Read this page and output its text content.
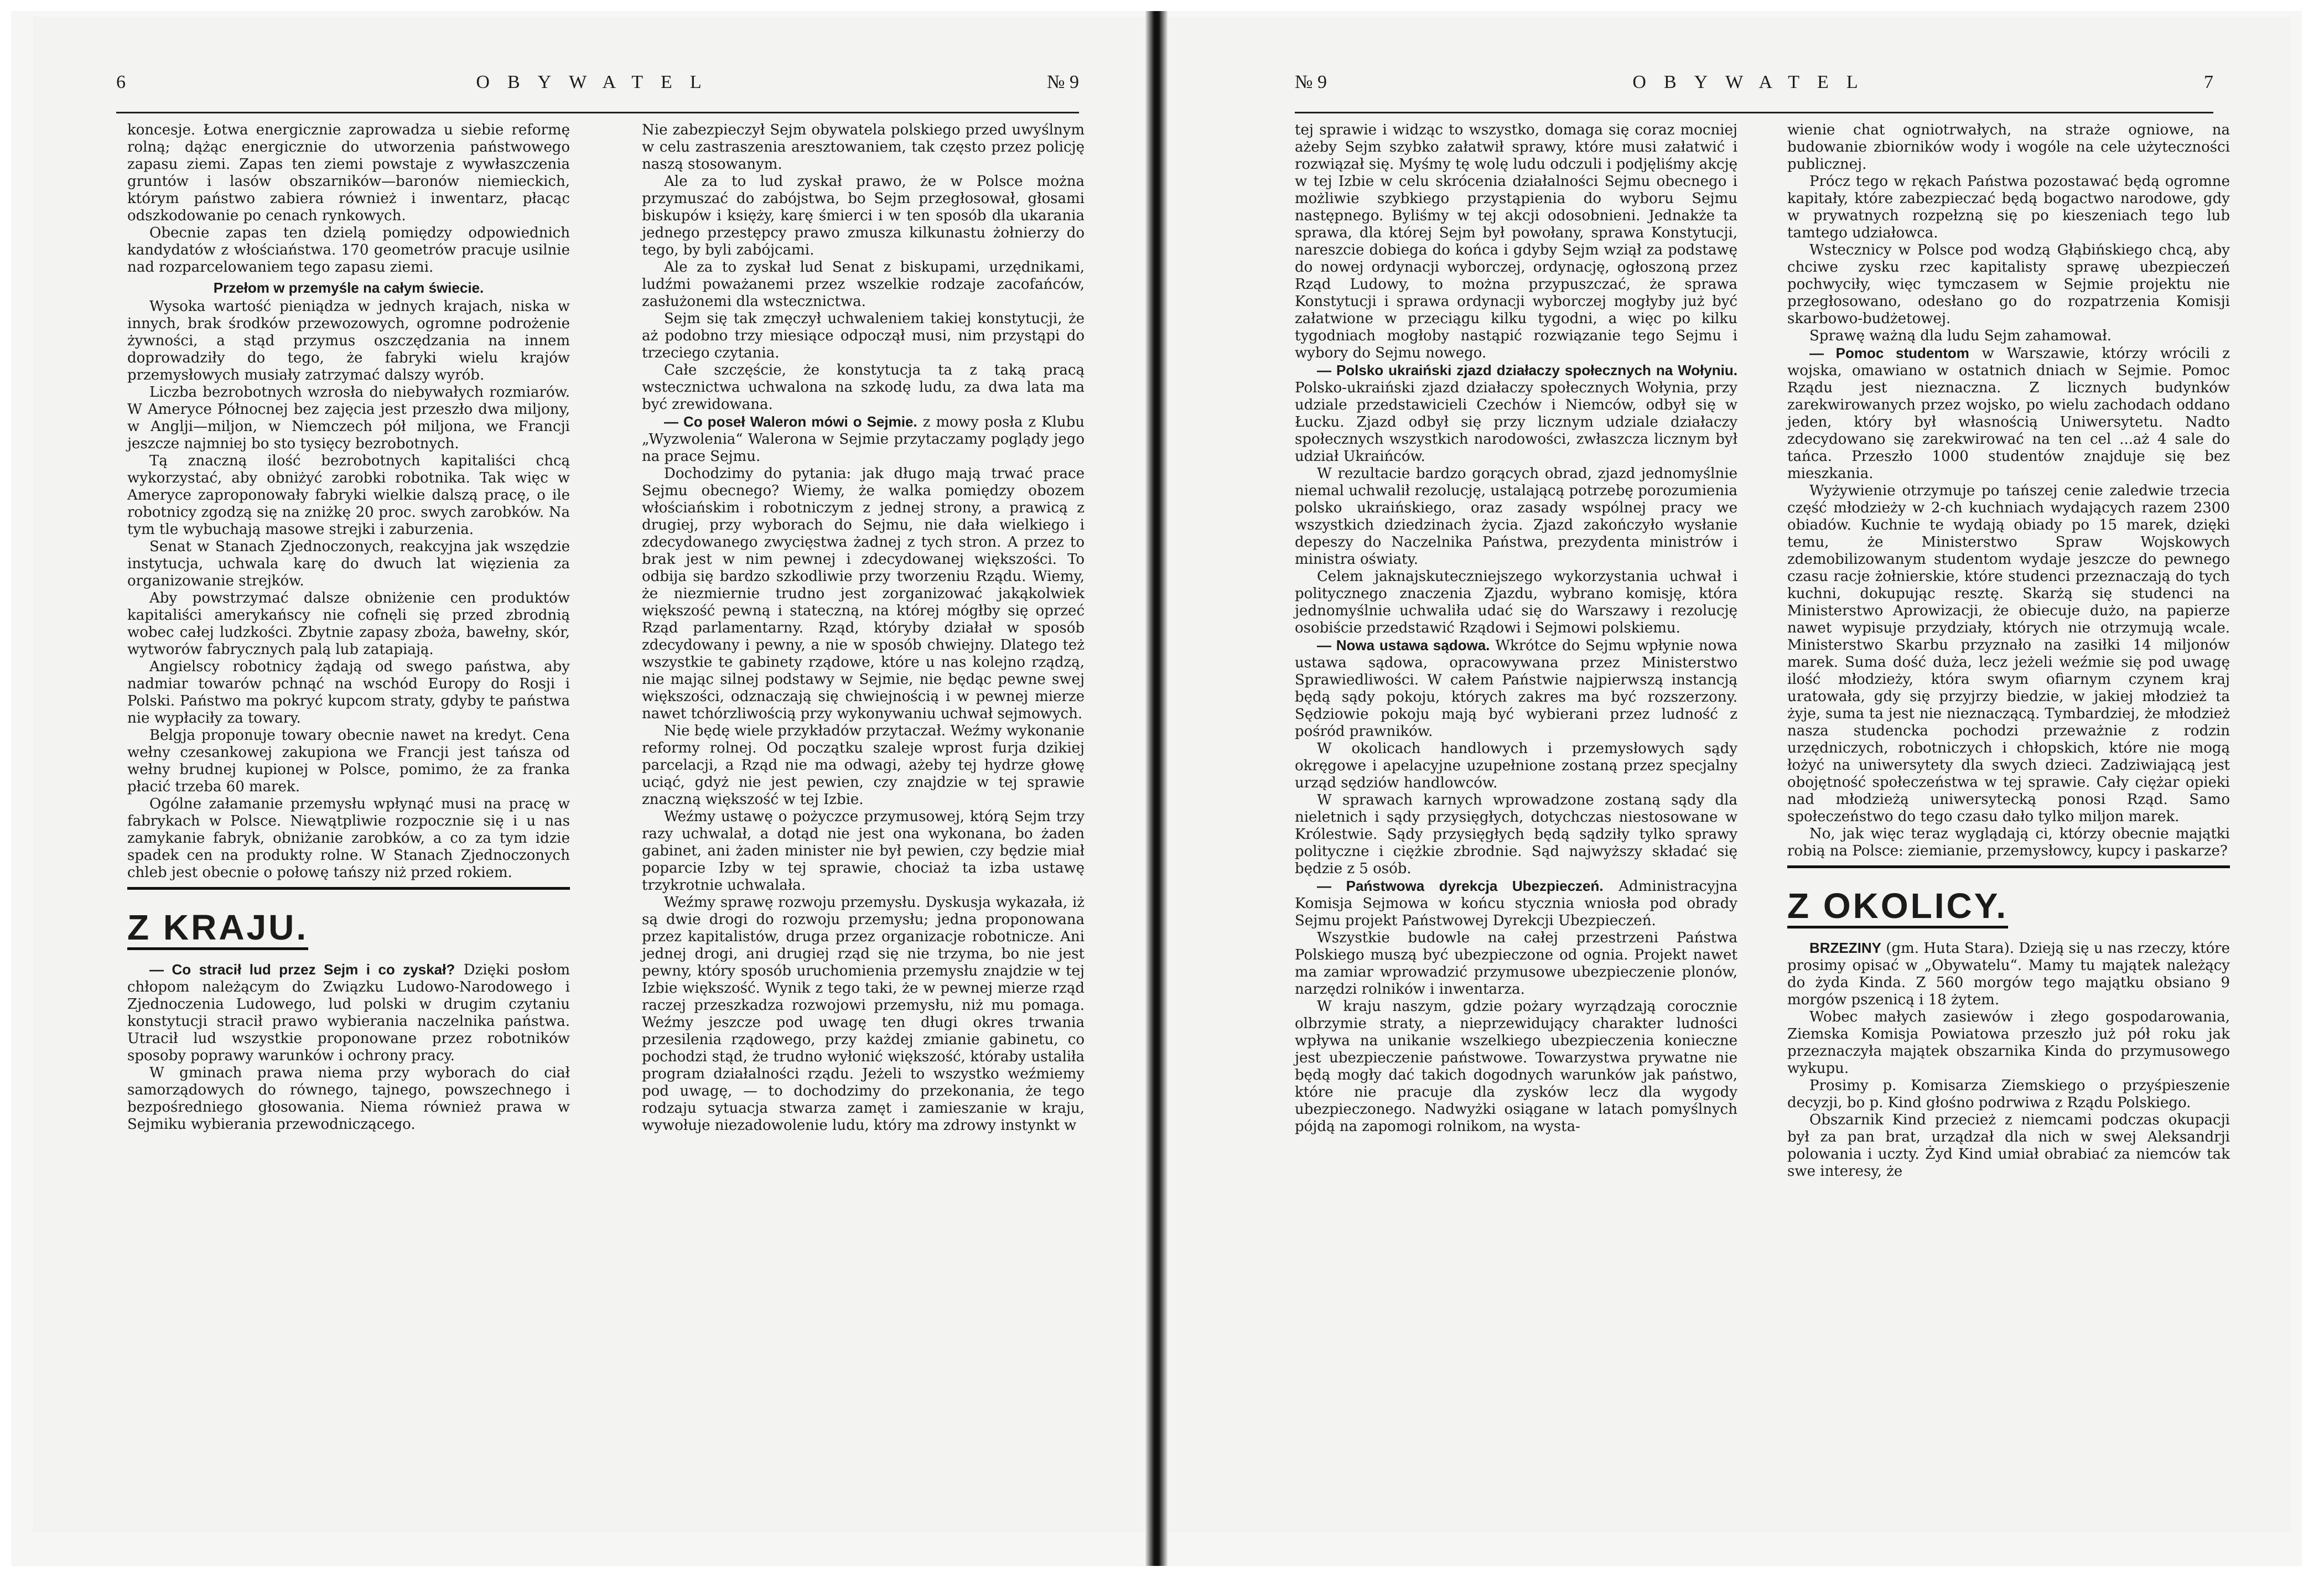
OBYWATEL
6	№ 9

koncesje. Łotwa energicznie zaprowadza u siebie reformę rolną; dążąc energicznie do utworzenia państwowego zapasu ziemi. Zapas ten ziemi powstaje z wywłaszczenia gruntów i lasów obszarników—baronów niemieckich, którym państwo zabiera również i inwentarz, płacąc odszkodowanie po cenach rynkowych.

Obecnie zapas ten dzielą pomiędzy odpowiednich kandydatów z włościaństwa. 170 geometrów pracuje usilnie nad rozparcelowaniem tego zapasu ziemi.

Przełom w przemyśle na całym świecie.

Wysoka wartość pieniądza w jednych krajach, niska w innych, brak środków przewozowych, ogromne podrożenie żywności, a stąd przymus oszczędzania na innem doprowadziły do tego, że fabryki wielu krajów przemysłowych musiały zatrzymać dalszy wyrób.

Liczba bezrobotnych wzrosła do niebywałych rozmiarów. W Ameryce Północnej bez zajęcia jest przeszło dwa miljony, w Anglji—miljon, w Niemczech pół miljona, we Francji jeszcze najmniej bo sto tysięcy bezrobotnych.

Tą znaczną ilość bezrobotnych kapitaliści chcą wykorzystać, aby obniżyć zarobki robotnika. Tak więc w Ameryce zaproponowały fabryki wielkie dalszą pracę, o ile robotnicy zgodzą się na zniżkę 20 proc. swych zarobków. Na tym tle wybuchają masowe strejki i zaburzenia.

Senat w Stanach Zjednoczonych, reakcyjna jak wszędzie instytucja, uchwala karę do dwuch lat więzienia za organizowanie strejków.

Aby powstrzymać dalsze obniżenie cen produktów kapitaliści amerykańscy nie cofnęli się przed zbrodnią wobec całej ludzkości. Zbytnie zapasy zboża, bawełny, skór, wytworów fabrycznych palą lub zatapiają.

Angielscy robotnicy żądają od swego państwa, aby nadmiar towarów pchnąć na wschód Europy do Rosji i Polski. Państwo ma pokryć kupcom straty, gdyby te państwa nie wypłaciły za towary.

Belgja proponuje towary obecnie nawet na kredyt. Cena wełny czesankowej zakupiona we Francji jest tańsza od wełny brudnej kupionej w Polsce, pomimo, że za franka płacić trzeba 60 marek.

Ogólne załamanie przemysłu wpłynąć musi na pracę w fabrykach w Polsce. Niewątpliwie rozpocznie się i u nas zamykanie fabryk, obniżanie zarobków, a co za tym idzie spadek cen na produkty rolne. W Stanach Zjednoczonych chleb jest obecnie o połowę tańszy niż przed rokiem.

Z KRAJU.

— Co stracił lud przez Sejm i co zyskał? Dzięki posłom chłopom należącym do Związku Ludowo-Narodowego i Zjednoczenia Ludowego, lud polski w drugim czytaniu konstytucji stracił prawo wybierania naczelnika państwa. Utracił lud wszystkie proponowane przez robotników sposoby poprawy warunków i ochrony pracy.

W gminach prawa niema przy wyborach do ciał samorządowych do równego, tajnego, powszechnego i bezpośredniego głosowania. Niema również prawa w Sejmiku wybierania przewodniczącego.

Nie zabezpieczył Sejm obywatela polskiego przed uwyślnym w celu zastraszenia aresztowaniem, tak często przez policję naszą stosowanym.

Ale za to lud zyskał prawo, że w Polsce można przymuszać do zabójstwa, bo Sejm przegłosował, głosami biskupów i księży, karę śmierci i w ten sposób dla ukarania jednego przestępcy prawo zmusza kilkunastu żołnierzy do tego, by byli zabójcami.

Ale za to zyskał lud Senat z biskupami, urzędnikami, ludźmi poważanemi przez wszelkie rodzaje zacofańców, zasłużonemi dla wstecznictwa.

Sejm się tak zmęczył uchwaleniem takiej konstytucji, że aż podobno trzy miesiące odpoczął musi, nim przystąpi do trzeciego czytania.

Całe szczęście, że konstytucja ta z taką pracą wstecznictwa uchwalona na szkodę ludu, za dwa lata ma być zrewidowana.

— Co poseł Waleron mówi o Sejmie. z mowy posła z Klubu „Wyzwolenia“ Walerona w Sejmie przytaczamy poglądy jego na prace Sejmu.

Dochodzimy do pytania: jak długo mają trwać prace Sejmu obecnego? Wiemy, że walka pomiędzy obozem włościańskim i robotniczym z jednej strony, a prawicą z drugiej, przy wyborach do Sejmu, nie dała wielkiego i zdecydowanego zwycięstwa żadnej z tych stron. A przez to brak jest w nim pewnej i zdecydowanej większości. To odbija się bardzo szkodliwie przy tworzeniu Rządu. Wiemy, że niezmiernie trudno jest zorganizować jakąkolwiek większość pewną i stateczną, na której mógłby się oprzeć Rząd parlamentarny. Rząd, któryby działał w sposób zdecydowany i pewny, a nie w sposób chwiejny. Dlatego też wszystkie te gabinety rządowe, które u nas kolejno rządzą, nie mając silnej podstawy w Sejmie, nie będąc pewne swej większości, odznaczają się chwiejnością i w pewnej mierze nawet tchórzliwością przy wykonywaniu uchwał sejmowych.

Nie będę wiele przykładów przytaczał. Weźmy wykonanie reformy rolnej. Od początku szaleje wprost furja dzikiej parcelacji, a Rząd nie ma odwagi, ażeby tej hydrze głowę uciąć, gdyż nie jest pewien, czy znajdzie w tej sprawie znaczną większość w tej Izbie.

Weźmy ustawę o pożyczce przymusowej, którą Sejm trzy razy uchwalał, a dotąd nie jest ona wykonana, bo żaden gabinet, ani żaden minister nie był pewien, czy będzie miał poparcie Izby w tej sprawie, chociaż ta izba ustawę trzykrotnie uchwalała.

Weźmy sprawę rozwoju przemysłu. Dyskusja wykazała, iż są dwie drogi do rozwoju przemysłu; jedna proponowana przez kapitalistów, druga przez organizacje robotnicze. Ani jednej drogi, ani drugiej rząd się nie trzyma, bo nie jest pewny, który sposób uruchomienia przemysłu znajdzie w tej Izbie większość. Wynik z tego taki, że w pewnej mierze rząd raczej przeszkadza rozwojowi przemysłu, niż mu pomaga. Weźmy jeszcze pod uwagę ten długi okres trwania przesilenia rządowego, przy każdej zmianie gabinetu, co pochodzi stąd, że trudno wyłonić większość, któraby ustaliła program działalności rządu. Jeżeli to wszystko weźmiemy pod uwagę, — to dochodzimy do przekonania, że tego rodzaju sytuacja stwarza zamęt i zamieszanie w kraju, wywołuje niezadowolenie ludu, który ma zdrowy instynkt w

OBYWATEL
№ 9	7

tej sprawie i widząc to wszystko, domaga się coraz mocniej ażeby Sejm szybko załatwił sprawy, które musi załatwić i rozwiązał się. Myśmy tę wolę ludu odczuli i podjęliśmy akcję w tej Izbie w celu skrócenia działalności Sejmu obecnego i możliwie szybkiego przystąpienia do wyboru Sejmu następnego. Byliśmy w tej akcji odosobnieni. Jednakże ta sprawa, dla której Sejm był powołany, sprawa Konstytucji, nareszcie dobiega do końca i gdyby Sejm wziął za podstawę do nowej ordynacji wyborczej, ordynację, ogłoszoną przez Rząd Ludowy, to można przypuszczać, że sprawa Konstytucji i sprawa ordynacji wyborczej mogłyby już być załatwione w przeciągu kilku tygodni, a więc po kilku tygodniach mogłoby nastąpić rozwiązanie tego Sejmu i wybory do Sejmu nowego.

— Polsko ukraiński zjazd działaczy społecznych na Wołyniu. Polsko-ukraiński zjazd działaczy społecznych Wołynia, przy udziale przedstawicieli Czechów i Niemców, odbył się w Łucku. Zjazd odbył się przy licznym udziale działaczy społecznych wszystkich narodowości, zwłaszcza licznym był udział Ukraińców.

W rezultacie bardzo gorących obrad, zjazd jednomyślnie niemal uchwalił rezolucję, ustalającą potrzebę porozumienia polsko ukraińskiego, oraz zasady wspólnej pracy we wszystkich dziedzinach życia. Zjazd zakończyło wysłanie depeszy do Naczelnika Państwa, prezydenta ministrów i ministra oświaty.

Celem jaknajskuteczniejszego wykorzystania uchwał i politycznego znaczenia Zjazdu, wybrano komisję, która jednomyślnie uchwaliła udać się do Warszawy i rezolucję osobiście przedstawić Rządowi i Sejmowi polskiemu.

— Nowa ustawa sądowa. Wkrótce do Sejmu wpłynie nowa ustawa sądowa, opracowywana przez Ministerstwo Sprawiedliwości. W całem Państwie najpierwszą instancją będą sądy pokoju, których zakres ma być rozszerzony. Sędziowie pokoju mają być wybierani przez ludność z pośród prawników.

W okolicach handlowych i przemysłowych sądy okręgowe i apelacyjne uzupełnione zostaną przez specjalny urząd sędziów handlowców.

W sprawach karnych wprowadzone zostaną sądy dla nieletnich i sądy przysięgłych, dotychczas niestosowane w Królestwie. Sądy przysięgłych będą sądziły tylko sprawy polityczne i ciężkie zbrodnie. Sąd najwyższy składać się będzie z 5 osób.

— Państwowa dyrekcja Ubezpieczeń. Administracyjna Komisja Sejmowa w końcu stycznia wniosła pod obrady Sejmu projekt Państwowej Dyrekcji Ubezpieczeń.

Wszystkie budowle na całej przestrzeni Państwa Polskiego muszą być ubezpieczone od ognia. Projekt nawet ma zamiar wprowadzić przymusowe ubezpieczenie plonów, narzędzi rolników i inwentarza.

W kraju naszym, gdzie pożary wyrządzają corocznie olbrzymie straty, a nieprzewidujący charakter ludności wpływa na unikanie wszelkiego ubezpieczenia konieczne jest ubezpieczenie państwowe. Towarzystwa prywatne nie będą mogły dać takich dogodnych warunków jak państwo, które nie pracuje dla zysków lecz dla wygody ubezpieczonego. Nadwyżki osiągane w latach pomyślnych pójdą na zapomogi rolnikom, na wysta-

wienie chat ogniotrwałych, na straże ogniowe, na budowanie zbiorników wody i wogóle na cele użyteczności publicznej.

Prócz tego w rękach Państwa pozostawać będą ogromne kapitały, które zabezpieczać będą bogactwo narodowe, gdy w prywatnych rozpełzną się po kieszeniach tego lub tamtego udziałowca.

Wstecznicy w Polsce pod wodzą Głąbińskiego chcą, aby chciwe zysku rzec kapitalisty sprawę ubezpieczeń pochwyciły, więc tymczasem w Sejmie projektu nie przegłosowano, odesłano go do rozpatrzenia Komisji skarbowo-budżetowej.

Sprawę ważną dla ludu Sejm zahamował.

— Pomoc studentom w Warszawie, którzy wrócili z wojska, omawiano w ostatnich dniach w Sejmie. Pomoc Rządu jest nieznaczna. Z licznych budynków zarekwirowanych przez wojsko, po wielu zachodach oddano jeden, który był własnością Uniwersytetu. Nadto zdecydowano się zarekwirować na ten cel ...aż 4 sale do tańca. Przeszło 1000 studentów znajduje się bez mieszkania.

Wyżywienie otrzymuje po tańszej cenie zaledwie trzecia część młodzieży w 2-ch kuchniach wydających razem 2300 obiadów. Kuchnie te wydają obiady po 15 marek, dzięki temu, że Ministerstwo Spraw Wojskowych zdemobilizowanym studentom wydaje jeszcze do pewnego czasu racje żołnierskie, które studenci przeznaczają do tych kuchni, dokupując resztę. Skarżą się studenci na Ministerstwo Aprowizacji, że obiecuje dużo, na papierze nawet wypisuje przydziały, których nie otrzymują wcale. Ministerstwo Skarbu przyznało na zasiłki 14 miljonów marek. Suma dość duża, lecz jeżeli weźmie się pod uwagę ilość młodzieży, która swym ofiarnym czynem kraj uratowała, gdy się przyjrzy biedzie, w jakiej młodzież ta żyje, suma ta jest nie nieznaczącą. Tymbardziej, że młodzież nasza studencka pochodzi przeważnie z rodzin urzędniczych, robotniczych i chłopskich, które nie mogą łożyć na uniwersytety dla swych dzieci. Zadziwiającą jest obojętność społeczeństwa w tej sprawie. Cały ciężar opieki nad młodzieżą uniwersytecką ponosi Rząd. Samo społeczeństwo do tego czasu dało tylko miljon marek.

No, jak więc teraz wyglądają ci, którzy obecnie majątki robią na Polsce: ziemianie, przemysłowcy, kupcy i paskarze?

Z OKOLICY.

BRZEZINY (gm. Huta Stara). Dzieją się u nas rzeczy, które prosimy opisać w „Obywatelu“. Mamy tu majątek należący do żyda Kinda. Z 560 morgów tego majątku obsiano 9 morgów pszenicą i 18 żytem.

Wobec małych zasiewów i złego gospodarowania, Ziemska Komisja Powiatowa przeszło już pół roku jak przeznaczyła majątek obszarnika Kinda do przymusowego wykupu.

Prosimy p. Komisarza Ziemskiego o przyśpieszenie decyzji, bo p. Kind głośno podrwiwa z Rządu Polskiego.

Obszarnik Kind przecież z niemcami podczas okupacji był za pan brat, urządzał dla nich w swej Aleksandrji polowania i uczty. Żyd Kind umiał obrabiać za niemców tak swe interesy, że
